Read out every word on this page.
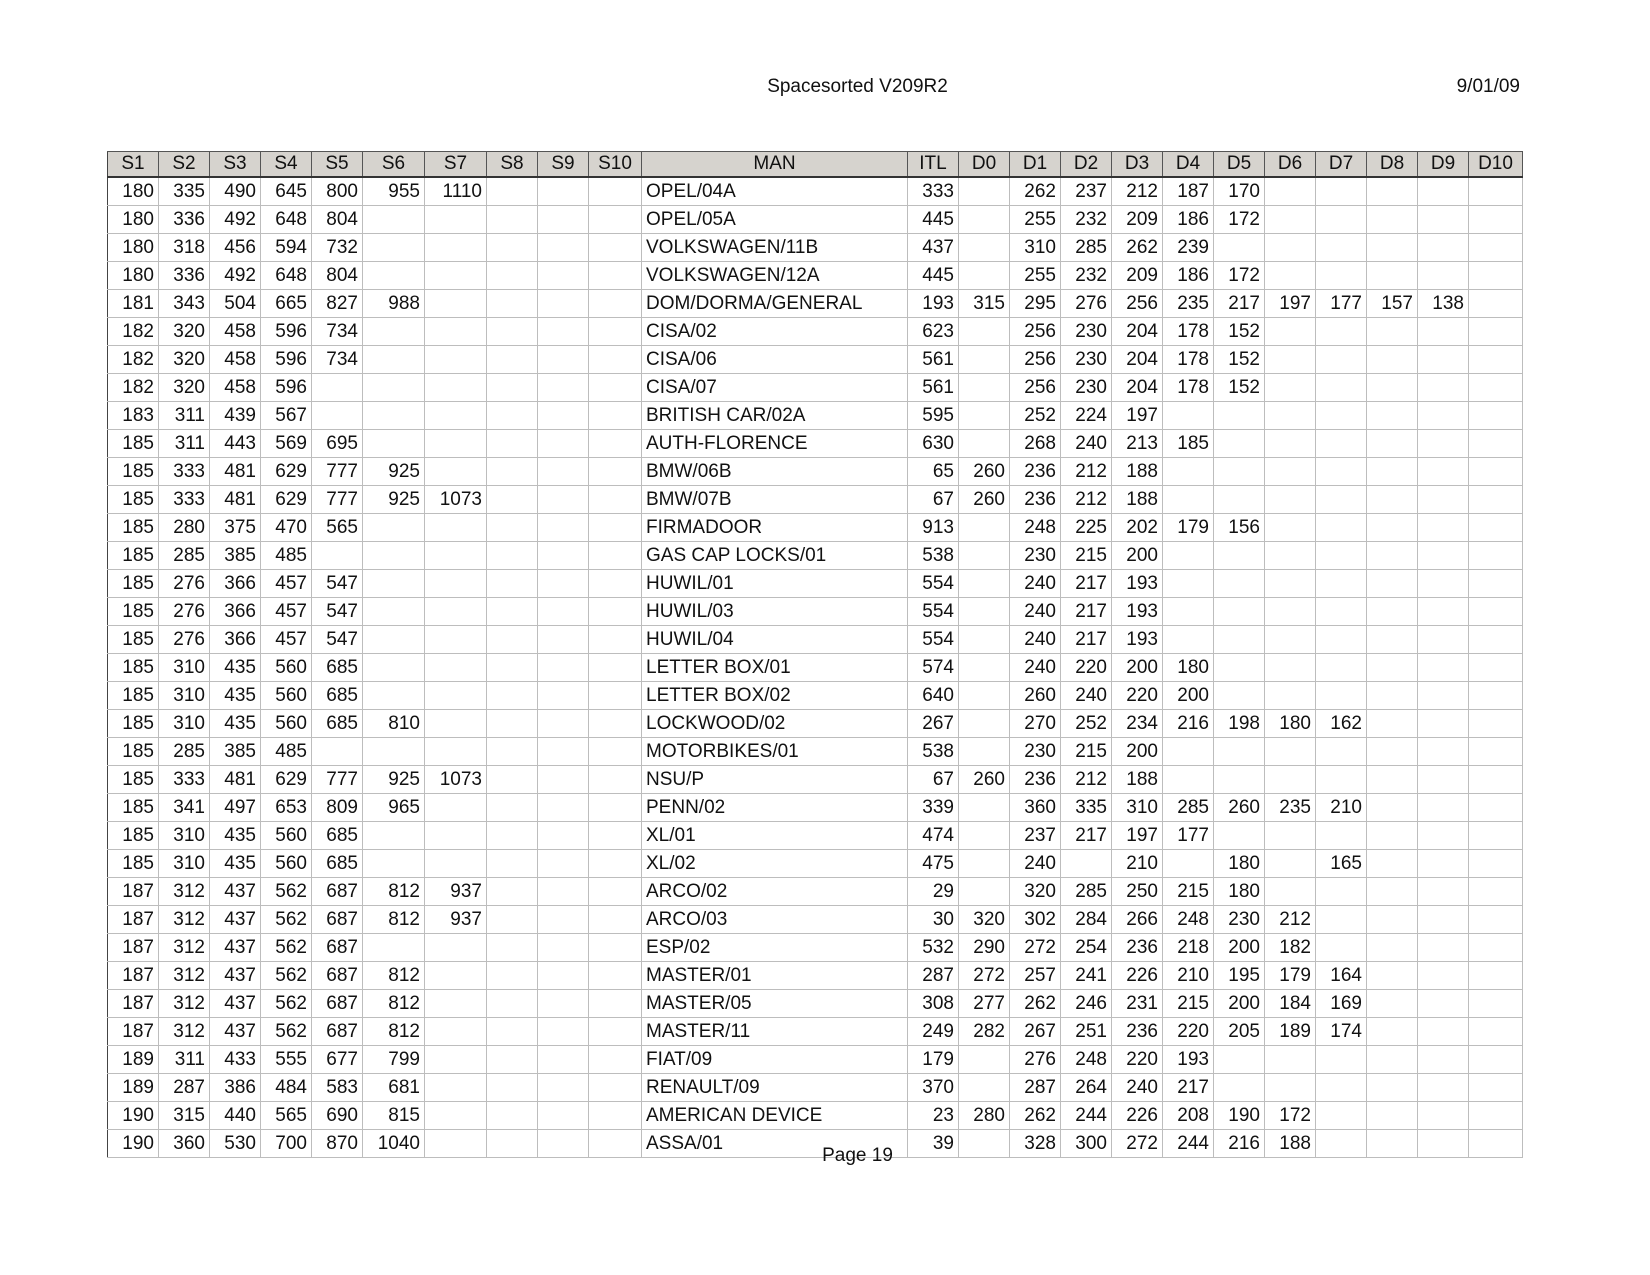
Spacesorted V209R2	9/01/09
S1	S2	S3	S4	S5	S6	S7	S8	S9	S10	MAN	ITL	D0	D1	D2	D3	D4	D5	D6	D7	D8	D9	D10
180	335	490	645	800	955	1110				OPEL/04A	333		262	237	212	187	170					
180	336	492	648	804						OPEL/05A	445		255	232	209	186	172					
180	318	456	594	732						VOLKSWAGEN/11B	437		310	285	262	239						
180	336	492	648	804						VOLKSWAGEN/12A	445		255	232	209	186	172					
181	343	504	665	827	988					DOM/DORMA/GENERAL	193	315	295	276	256	235	217	197	177	157	138	
182	320	458	596	734						CISA/02	623		256	230	204	178	152					
182	320	458	596	734						CISA/06	561		256	230	204	178	152					
182	320	458	596							CISA/07	561		256	230	204	178	152					
183	311	439	567							BRITISH CAR/02A	595		252	224	197							
185	311	443	569	695						AUTH-FLORENCE	630		268	240	213	185						
185	333	481	629	777	925					BMW/06B	65	260	236	212	188							
185	333	481	629	777	925	1073				BMW/07B	67	260	236	212	188							
185	280	375	470	565						FIRMADOOR	913		248	225	202	179	156					
185	285	385	485							GAS CAP LOCKS/01	538		230	215	200							
185	276	366	457	547						HUWIL/01	554		240	217	193							
185	276	366	457	547						HUWIL/03	554		240	217	193							
185	276	366	457	547						HUWIL/04	554		240	217	193							
185	310	435	560	685						LETTER BOX/01	574		240	220	200	180						
185	310	435	560	685						LETTER BOX/02	640		260	240	220	200						
185	310	435	560	685	810					LOCKWOOD/02	267		270	252	234	216	198	180	162			
185	285	385	485							MOTORBIKES/01	538		230	215	200							
185	333	481	629	777	925	1073				NSU/P	67	260	236	212	188							
185	341	497	653	809	965					PENN/02	339		360	335	310	285	260	235	210			
185	310	435	560	685						XL/01	474		237	217	197	177						
185	310	435	560	685						XL/02	475		240		210		180		165			
187	312	437	562	687	812	937				ARCO/02	29		320	285	250	215	180					
187	312	437	562	687	812	937				ARCO/03	30	320	302	284	266	248	230	212				
187	312	437	562	687						ESP/02	532	290	272	254	236	218	200	182				
187	312	437	562	687	812					MASTER/01	287	272	257	241	226	210	195	179	164			
187	312	437	562	687	812					MASTER/05	308	277	262	246	231	215	200	184	169			
187	312	437	562	687	812					MASTER/11	249	282	267	251	236	220	205	189	174			
189	311	433	555	677	799					FIAT/09	179		276	248	220	193						
189	287	386	484	583	681					RENAULT/09	370		287	264	240	217						
190	315	440	565	690	815					AMERICAN DEVICE	23	280	262	244	226	208	190	172				
190	360	530	700	870	1040					ASSA/01	39		328	300	272	244	216	188				
Page 19
